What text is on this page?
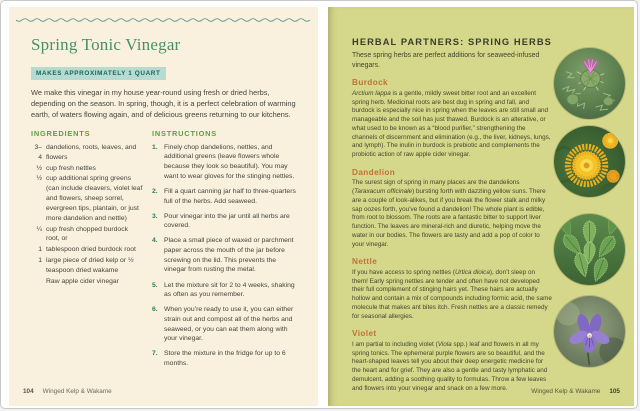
Spring Tonic Vinegar
MAKES APPROXIMATELY 1 QUART

We make this vinegar in my house year-round using fresh or dried herbs, depending on the season. In spring, though, it is a perfect celebration of warming earth, of waters flowing again, and of delicious greens returning to our kitchens.

INGREDIENTS
3–4
dandelions, roots, leaves, and flowers
½ cup fresh nettles
½ cup additional spring greens (can include cleavers, violet leaf and flowers, sheep sorrel, evergreen tips, plantain, or just more dandelion and nettle)
¼ cup fresh chopped burdock root, or
1 tablespoon dried burdock root
1 large piece of dried kelp or ½ teaspoon dried wakame
Raw apple cider vinegar
INSTRUCTIONS
1. Finely chop dandelions, nettles, and additional greens (leave flowers whole because they look so beautiful). You may want to wear gloves for the stinging nettles.
2. Fill a quart canning jar half to three-quarters full of the herbs. Add seaweed.
3. Pour vinegar into the jar until all herbs are covered.
4. Place a small piece of waxed or parchment paper across the mouth of the jar before screwing on the lid. This prevents the vinegar from rusting the metal.
5. Let the mixture sit for 2 to 4 weeks, shaking as often as you remember.
6. When you’re ready to use it, you can either strain out and compost all of the herbs and seaweed, or you can eat them along with your vinegar.
7. Store the mixture in the fridge for up to 6 months.
104 Winged Kelp & Wakame
HERBAL PARTNERS: SPRING HERBS

These spring herbs are perfect additions for seaweed-infused vinegars.

Burdock

Arctium lappa is a gentle, mildly sweet bitter root and an excellent spring herb. Medicinal roots are best dug in spring and fall, and burdock is especially nice in spring when the leaves are still small and manageable and the soil has just thawed. Burdock is an alterative, or what used to be known as a “blood purifier,” strengthening the channels of discernment and elimination (e.g., the liver, kidneys, lungs, and lymph). The inulin in burdock is prebiotic and complements the probiotic action of raw apple cider vinegar.

Dandelion

The surest sign of spring in many places are the dandelions (Taraxacum officinale) bursting forth with dazzling yellow suns. There are a couple of look-alikes, but if you break the flower stalk and milky sap oozes forth, you’ve found a dandelion! The whole plant is edible, from root to blossom. The roots are a fantastic bitter to support liver function. The leaves are mineral-rich and diuretic, helping move the water in our bodies. The flowers are tasty and add a pop of color to your vinegar.

Nettle

If you have access to spring nettles (Urtica dioica), don’t sleep on them! Early spring nettles are tender and often have not developed their full complement of stinging hairs yet. These hairs are actually hollow and contain a mix of compounds including formic acid, the same molecule that makes ant bites itch. Fresh nettles are a classic remedy for seasonal allergies.

Violet

I am partial to including violet (Viola spp.) leaf and flowers in all my spring tonics. The ephemeral purple flowers are so beautiful, and the heart-shaped leaves tell you about their deep energetic medicine for the heart and for grief. They are also a gentle and tasty lymphatic and demulcent, adding a soothing quality to formulas. Throw a few leaves and flowers into your vinegar and snack on a few more.	Winged Kelp & Wakame 105
